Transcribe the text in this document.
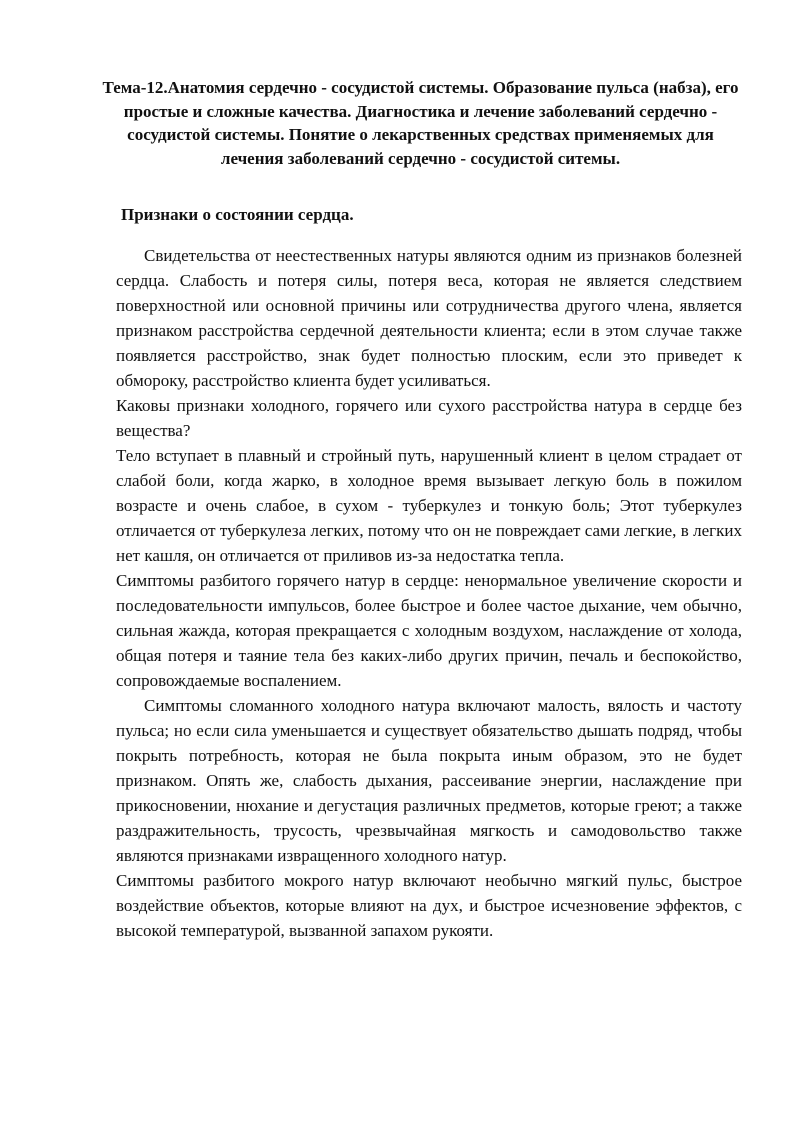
Тема-12.Анатомия сердечно - сосудистой системы. Образование пульса (набза), его простые и сложные качества. Диагностика и лечение заболеваний сердечно - сосудистой системы. Понятие о лекарственных средствах применяемых для лечения заболеваний сердечно - сосудистой ситемы.
Признаки о состоянии сердца.

Свидетельства от неестественных натуры являются одним из признаков болезней сердца. Слабость и потеря силы, потеря веса, которая не является следствием поверхностной или основной причины или сотрудничества другого члена, является признаком расстройства сердечной деятельности клиента; если в этом случае также появляется расстройство, знак будет полностью плоским, если это приведет к обмороку, расстройство клиента будет усиливаться.

Каковы признаки холодного, горячего или сухого расстройства натура в сердце без вещества?

Тело вступает в плавный и стройный путь, нарушенный клиент в целом страдает от слабой боли, когда жарко, в холодное время вызывает легкую боль в пожилом возрасте и очень слабое, в сухом - туберкулез и тонкую боль; Этот туберкулез отличается от туберкулеза легких, потому что он не повреждает сами легкие, в легких нет кашля, он отличается от приливов из-за недостатка тепла.

Симптомы разбитого горячего натур в сердце: ненормальное увеличение скорости и последовательности импульсов, более быстрое и более частое дыхание, чем обычно, сильная жажда, которая прекращается с холодным воздухом, наслаждение от холода, общая потеря и таяние тела без каких-либо других причин, печаль и беспокойство, сопровождаемые воспалением.

Симптомы сломанного холодного натура включают малость, вялость и частоту пульса; но если сила уменьшается и существует обязательство дышать подряд, чтобы покрыть потребность, которая не была покрыта иным образом, это не будет признаком. Опять же, слабость дыхания, рассеивание энергии, наслаждение при прикосновении, нюхание и дегустация различных предметов, которые греют; а также раздражительность, трусость, чрезвычайная мягкость и самодовольство также являются признаками извращенного холодного натур.

Симптомы разбитого мокрого натур включают необычно мягкий пульс, быстрое воздействие объектов, которые влияют на дух, и быстрое исчезновение эффектов, с высокой температурой, вызванной запахом рукояти.
